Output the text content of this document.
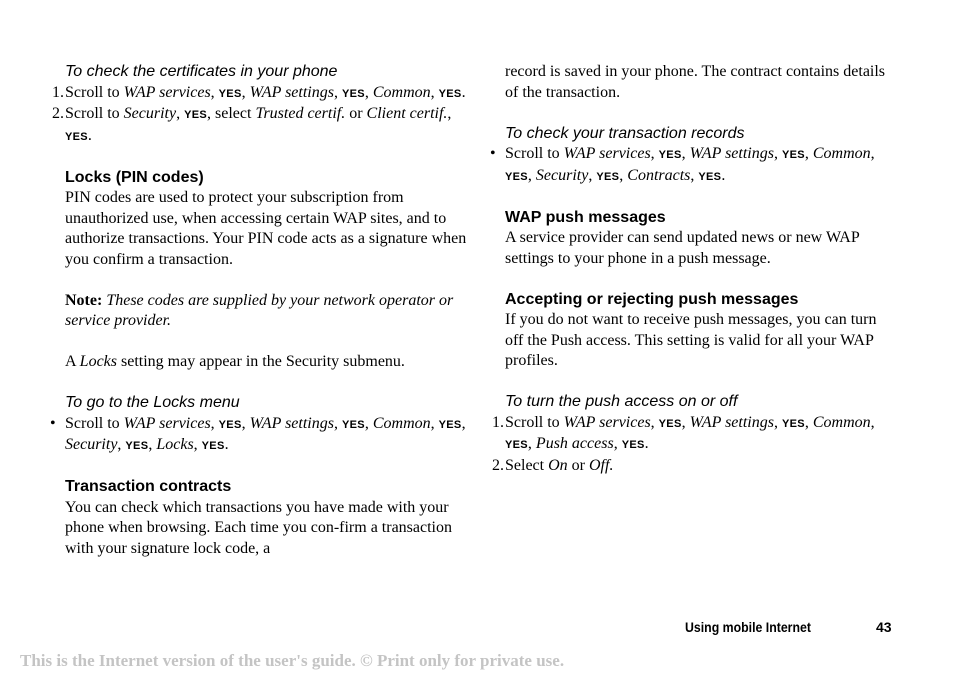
To check the certificates in your phone

1. Scroll to WAP services, YES, WAP settings, YES, Common, YES.
2. Scroll to Security, YES, select Trusted certif. or Client certif., YES.

Locks (PIN codes)

PIN codes are used to protect your subscription from unauthorized use, when accessing certain WAP sites, and to authorize transactions. Your PIN code acts as a signature when you confirm a transaction.

Note: These codes are supplied by your network operator or service provider.

A Locks setting may appear in the Security submenu.

To go to the Locks menu

• Scroll to WAP services, YES, WAP settings, YES, Common, YES, Security, YES, Locks, YES.

Transaction contracts

You can check which transactions you have made with your phone when browsing. Each time you con-firm a transaction with your signature lock code, a

record is saved in your phone. The contract contains details of the transaction.

To check your transaction records

• Scroll to WAP services, YES, WAP settings, YES, Common, YES, Security, YES, Contracts, YES.

WAP push messages

A service provider can send updated news or new WAP settings to your phone in a push message.

Accepting or rejecting push messages

If you do not want to receive push messages, you can turn off the Push access. This setting is valid for all your WAP profiles.

To turn the push access on or off

1. Scroll to WAP services, YES, WAP settings, YES, Common, YES, Push access, YES.
2. Select On or Off.
Using mobile Internet	43
This is the Internet version of the user's guide. © Print only for private use.
